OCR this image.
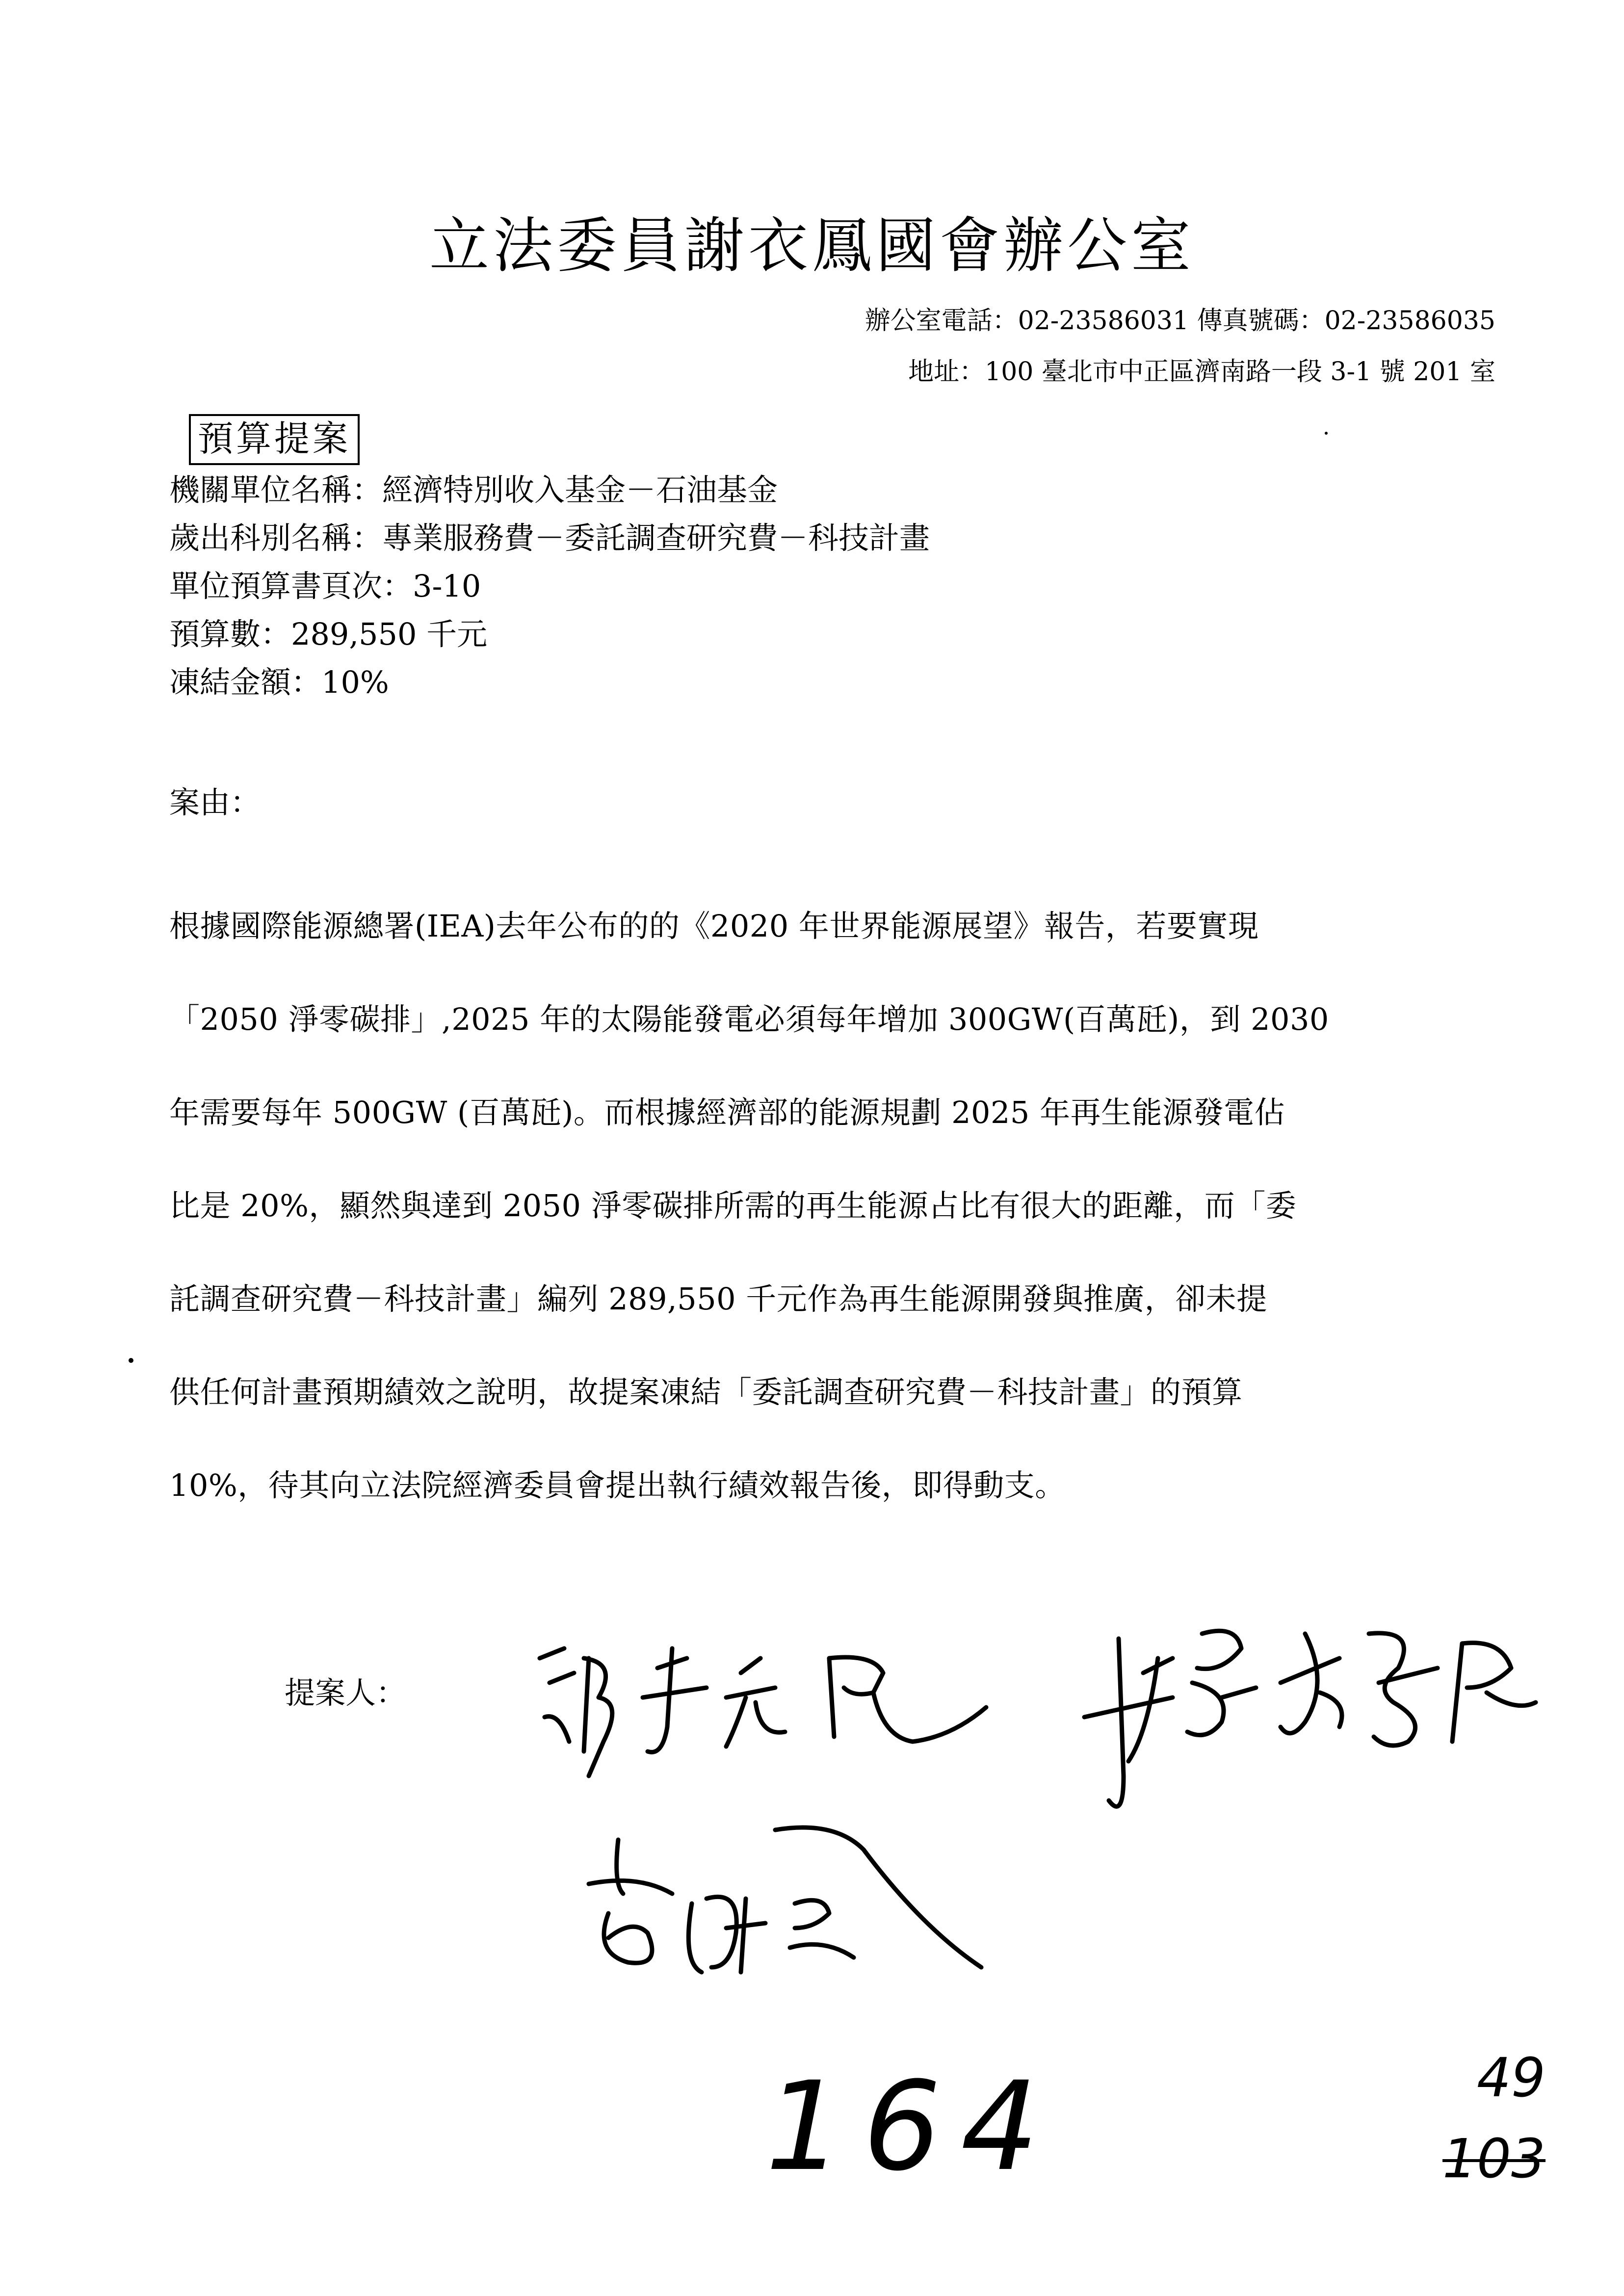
立法委員謝衣鳳國會辦公室
辦公室電話：02-23586031 傳真號碼：02-23586035
地址：100 臺北市中正區濟南路一段 3-1 號 201 室
預算提案
機關單位名稱：經濟特別收入基金－石油基金
歲出科別名稱：專業服務費－委託調查研究費－科技計畫
單位預算書頁次：3-10
預算數：289,550 千元
凍結金額：10%
案由：
根據國際能源總署(IEA)去年公布的的《2020 年世界能源展望》報告，若要實現
「2050 淨零碳排」,2025 年的太陽能發電必須每年增加 300GW(百萬瓩)，到 2030
年需要每年 500GW (百萬瓩)。而根據經濟部的能源規劃 2025 年再生能源發電佔
比是 20%，顯然與達到 2050 淨零碳排所需的再生能源占比有很大的距離，而「委
託調查研究費－科技計畫」編列 289,550 千元作為再生能源開發與推廣，卻未提
供任何計畫預期績效之說明，故提案凍結「委託調查研究費－科技計畫」的預算
10%，待其向立法院經濟委員會提出執行績效報告後，即得動支。
提案人：
164	49
103
